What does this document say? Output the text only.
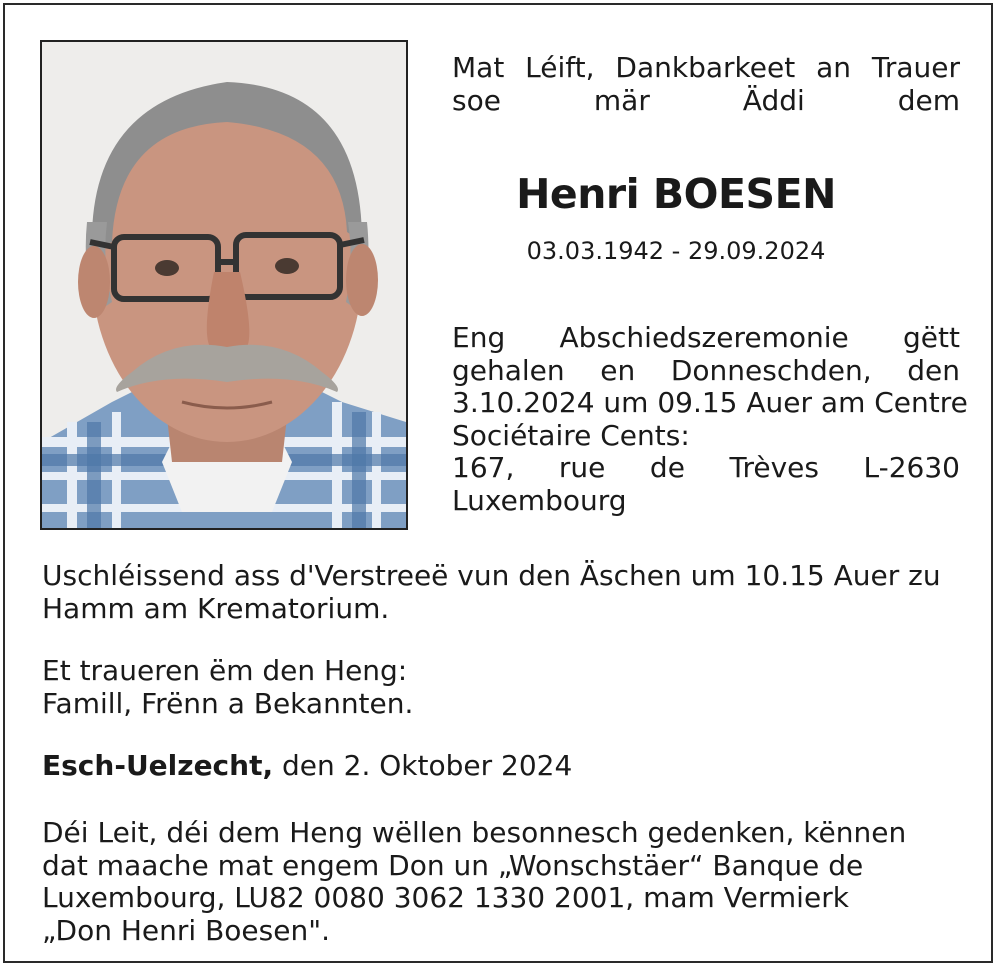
Mat Léift, Dankbarkeet an Trauer
soe mär Äddi dem
Henri BOESEN
03.03.1942 - 29.09.2024
Eng Abschiedszeremonie gëtt
gehalen en Donneschden, den
3.10.2024 um 09.15 Auer am Centre
Sociétaire Cents:
167, rue de Trèves L-2630
Luxembourg
Uschléissend ass d'Verstreeë vun den Äschen um 10.15 Auer zu
Hamm am Krematorium.
Et traueren ëm den Heng:
Famill, Frënn a Bekannten.
Esch-Uelzecht, den 2. Oktober 2024
Déi Leit, déi dem Heng wëllen besonnesch gedenken, kënnen
dat maache mat engem Don un „Wonschstäer“ Banque de
Luxembourg, LU82 0080 3062 1330 2001, mam Vermierk
„Don Henri Boesen".
